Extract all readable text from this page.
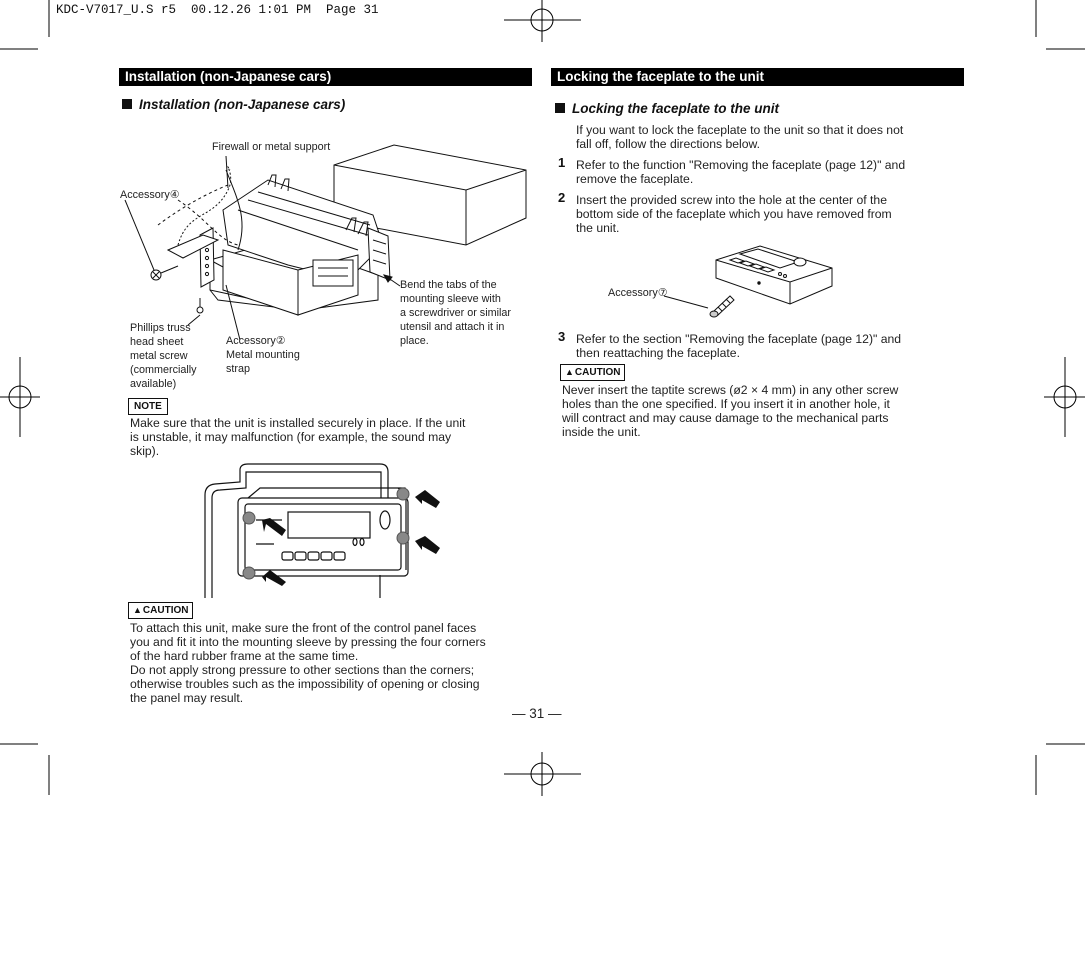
KDC-V7017_U.S r5  00.12.26 1:01 PM  Page 31
Installation (non-Japanese cars)
Installation (non-Japanese cars)
Firewall or metal support
Accessory④
Phillips truss
head sheet
metal screw
(commercially
available)
Accessory②
Metal mounting
strap
Bend the tabs of the
mounting sleeve with
a screwdriver or similar
utensil and attach it in
place.
NOTE
Make sure that the unit is installed securely in place. If the unit
is unstable, it may malfunction (for example, the sound may
skip).
▲CAUTION
To attach this unit, make sure the front of the control panel faces
you and fit it into the mounting sleeve by pressing the four corners
of the hard rubber frame at the same time.
Do not apply strong pressure to other sections than the corners;
otherwise troubles such as the impossibility of opening or closing
the panel may result.
Locking the faceplate to the unit
Locking the faceplate to the unit
If you want to lock the faceplate to the unit so that it does not
fall off, follow the directions below.
1 Refer to the function "Removing the faceplate (page 12)" and
remove the faceplate.
2 Insert the provided screw into the hole at the center of the
bottom side of the faceplate which you have removed from
the unit.
Accessory⑦
3 Refer to the section "Removing the faceplate (page 12)" and
then reattaching the faceplate.
▲CAUTION
Never insert the taptite screws (ø2 × 4 mm) in any other screw
holes than the one specified. If you insert it in another hole, it
will contract and may cause damage to the mechanical parts
inside the unit.
— 31 —
